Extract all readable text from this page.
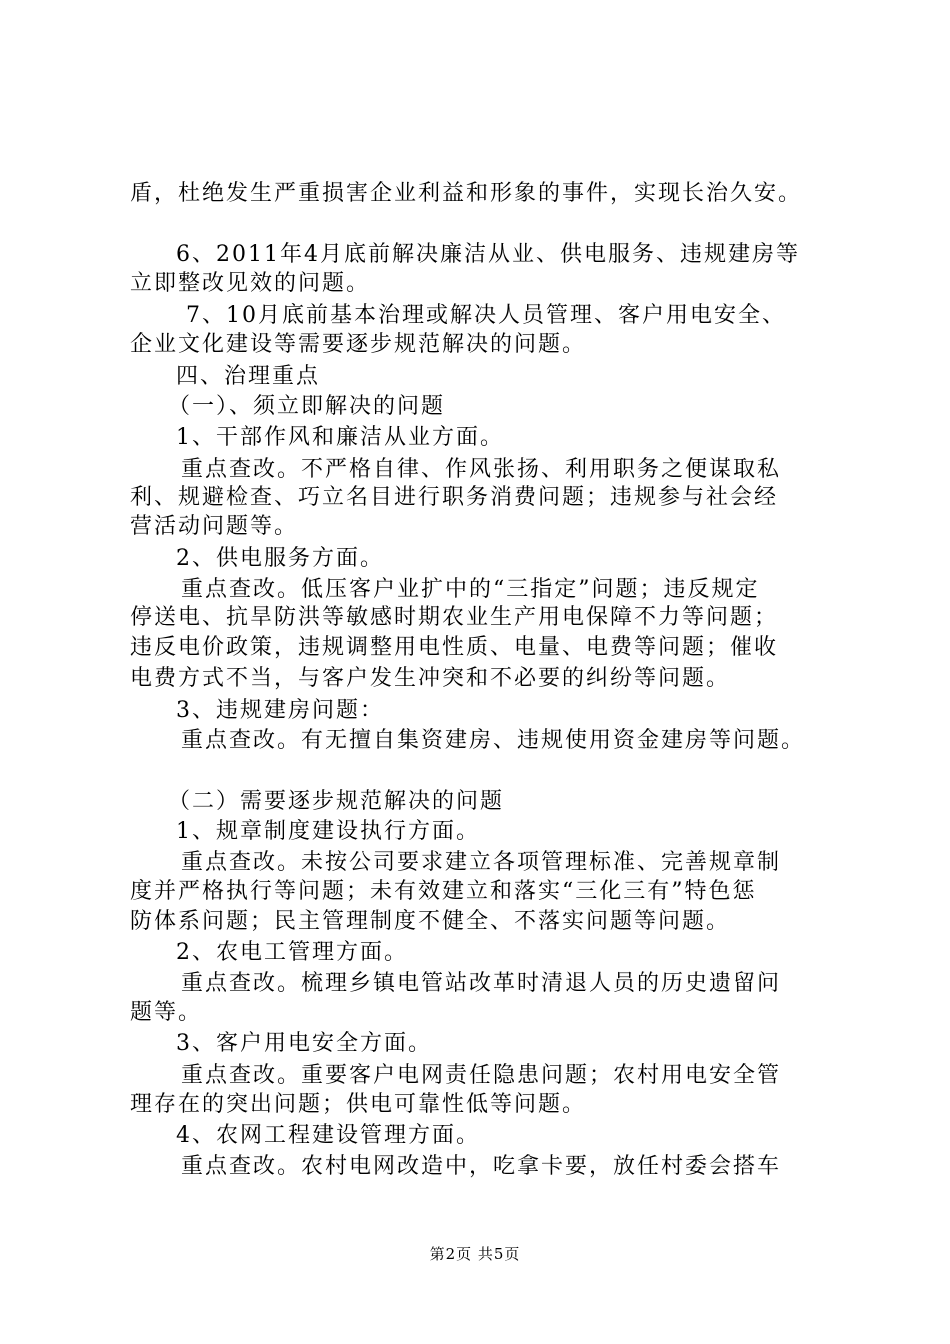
盾，杜绝发生严重损害企业利益和形象的事件，实现长治久安。
6、2011年4月底前解决廉洁从业、供电服务、违规建房等
立即整改见效的问题。
7、10月底前基本治理或解决人员管理、客户用电安全、
企业文化建设等需要逐步规范解决的问题。
四、治理重点
（一）、须立即解决的问题
1、干部作风和廉洁从业方面。
重点查改。不严格自律、作风张扬、利用职务之便谋取私
利、规避检查、巧立名目进行职务消费问题；违规参与社会经
营活动问题等。
2、供电服务方面。
重点查改。低压客户业扩中的“三指定”问题；违反规定
停送电、抗旱防洪等敏感时期农业生产用电保障不力等问题；
违反电价政策，违规调整用电性质、电量、电费等问题；催收
电费方式不当，与客户发生冲突和不必要的纠纷等问题。
3、违规建房问题：
重点查改。有无擅自集资建房、违规使用资金建房等问题。
（二）需要逐步规范解决的问题
1、规章制度建设执行方面。
重点查改。未按公司要求建立各项管理标准、完善规章制
度并严格执行等问题；未有效建立和落实“三化三有”特色惩
防体系问题；民主管理制度不健全、不落实问题等问题。
2、农电工管理方面。
重点查改。梳理乡镇电管站改革时清退人员的历史遗留问
题等。
3、客户用电安全方面。
重点查改。重要客户电网责任隐患问题；农村用电安全管
理存在的突出问题；供电可靠性低等问题。
4、农网工程建设管理方面。
重点查改。农村电网改造中，吃拿卡要，放任村委会搭车
第2页 共5页
